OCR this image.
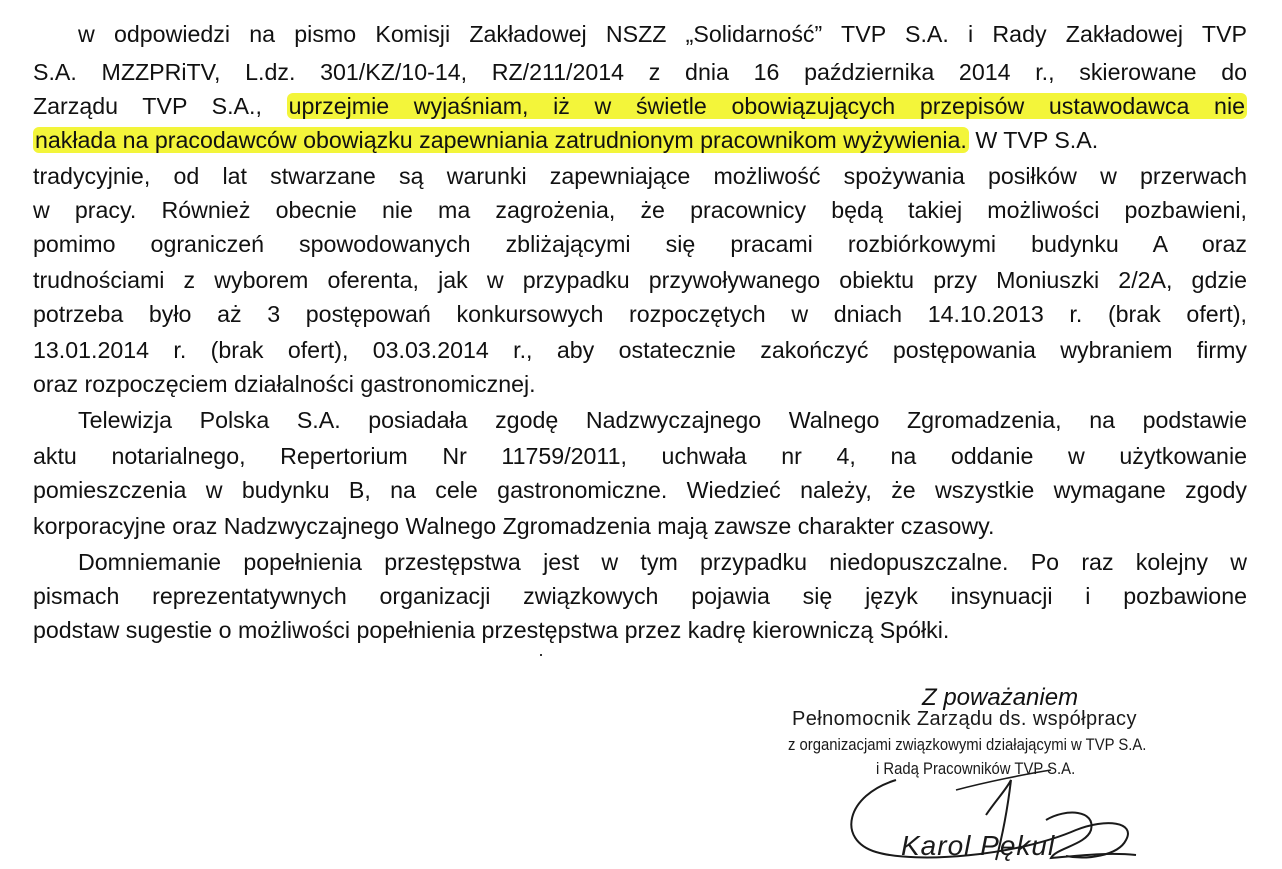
w odpowiedzi na pismo Komisji Zakładowej NSZZ „Solidarność” TVP S.A. i Rady Zakładowej TVP
S.A. MZZPRiTV, L.dz. 301/KZ/10-14, RZ/211/2014 z dnia 16 października 2014 r., skierowane do
Zarządu TVP S.A., uprzejmie wyjaśniam, iż w świetle obowiązujących przepisów ustawodawca nie
nakłada na pracodawców obowiązku zapewniania zatrudnionym pracownikom wyżywienia. W TVP S.A.
tradycyjnie, od lat stwarzane są warunki zapewniające możliwość spożywania posiłków w przerwach
w pracy. Również obecnie nie ma zagrożenia, że pracownicy będą takiej możliwości pozbawieni,
pomimo ograniczeń spowodowanych zbliżającymi się pracami rozbiórkowymi budynku A oraz
trudnościami z wyborem oferenta, jak w przypadku przywoływanego obiektu przy Moniuszki 2/2A, gdzie
potrzeba było aż 3 postępowań konkursowych rozpoczętych w dniach 14.10.2013 r. (brak ofert),
13.01.2014 r. (brak ofert), 03.03.2014 r., aby ostatecznie zakończyć postępowania wybraniem firmy
oraz rozpoczęciem działalności gastronomicznej.
Telewizja Polska S.A. posiadała zgodę Nadzwyczajnego Walnego Zgromadzenia, na podstawie
aktu notarialnego, Repertorium Nr 11759/2011, uchwała nr 4, na oddanie w użytkowanie
pomieszczenia w budynku B, na cele gastronomiczne. Wiedzieć należy, że wszystkie wymagane zgody
korporacyjne oraz Nadzwyczajnego Walnego Zgromadzenia mają zawsze charakter czasowy.
Domniemanie popełnienia przestępstwa jest w tym przypadku niedopuszczalne. Po raz kolejny w
pismach reprezentatywnych organizacji związkowych pojawia się język insynuacji i pozbawione
podstaw sugestie o możliwości popełnienia przestępstwa przez kadrę kierowniczą Spółki.
Z poważaniem
Pełnomocnik Zarządu ds. współpracy
z organizacjami związkowymi działającymi w TVP S.A.
i Radą Pracowników TVP S.A.
Karol Pękul
